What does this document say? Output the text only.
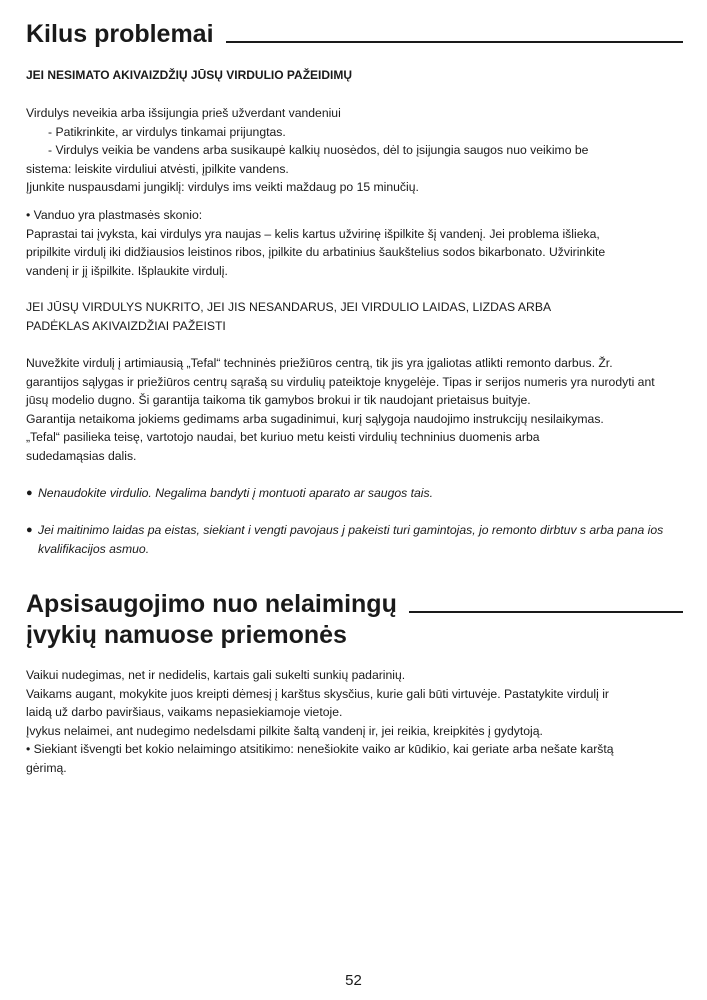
Kilus problemai
JEI NESIMATO AKIVAIZDŽIŲ JŪSŲ VIRDULIO PAŽEIDIMŲ
Virdulys neveikia arba išsijungia prieš užverdant vandeniui
- Patikrinkite, ar virdulys tinkamai prijungtas.
- Virdulys veikia be vandens arba susikaupė kalkių nuosėdos, dėl to įsijungia saugos nuo veikimo be
sistema: leiskite virduliui atvėsti, įpilkite vandens.
Įjunkite nuspausdami jungiklį: virdulys ims veikti maždaug po 15 minučių.
• Vanduo yra plastmasės skonio:
Paprastai tai įvyksta, kai virdulys yra naujas – kelis kartus užvirinę išpilkite šį vandenį. Jei problema išlieka,
pripilkite virdulį iki didžiausios leistinos ribos, įpilkite du arbatinius šaukštelius sodos bikarbonato. Užvirinkite
vandenį ir jį išpilkite. Išplaukite virdulį.
JEI JŪSŲ VIRDULYS NUKRITO, JEI JIS NESANDARUS, JEI VIRDULIO LAIDAS, LIZDAS ARBA
PADĖKLAS AKIVAIZDŽIAI PAŽEISTI
Nuvežkite virdulį į artimiausią „Tefal“ techninės priežiūros centrą, tik jis yra įgaliotas atlikti remonto darbus. Žr.
garantijos sąlygas ir priežiūros centrų sąrašą su virdulių pateiktoje knygelėje. Tipas ir serijos numeris yra nurodyti ant
jūsų modelio dugno. Ši garantija taikoma tik gamybos brokui ir tik naudojant prietaisus buityje.
Garantija netaikoma jokiems gedimams arba sugadinimui, kurį sąlygoja naudojimo instrukcijų nesilaikymas.
„Tefal“ pasilieka teisę, vartotojo naudai, bet kuriuo metu keisti virdulių techninius duomenis arba
sudedamąsias dalis.
● Nenaudokite virdulio. Negalima bandyti į montuoti aparato ar saugos tais.
● Jei maitinimo laidas pa eistas, siekiant i vengti pavojaus j pakeisti turi gamintojas, jo remonto dirbtuv s arba pana ios
kvalifikacijos asmuo.
Apsisaugojimo nuo nelaimingų
įvykių namuose priemonės
Vaikui nudegimas, net ir nedidelis, kartais gali sukelti sunkių padarinių.
Vaikams augant, mokykite juos kreipti dėmesį į karštus skysčius, kurie gali būti virtuvėje. Pastatykite virdulį ir
laidą už darbo paviršiaus, vaikams nepasiekiamoje vietoje.
Įvykus nelaimei, ant nudegimo nedelsdami pilkite šaltą vandenį ir, jei reikia, kreipkitės į gydytoją.
• Siekiant išvengti bet kokio nelaimingo atsitikimo: nenešiokite vaiko ar kūdikio, kai geriate arba nešate karštą
gėrimą.
52
